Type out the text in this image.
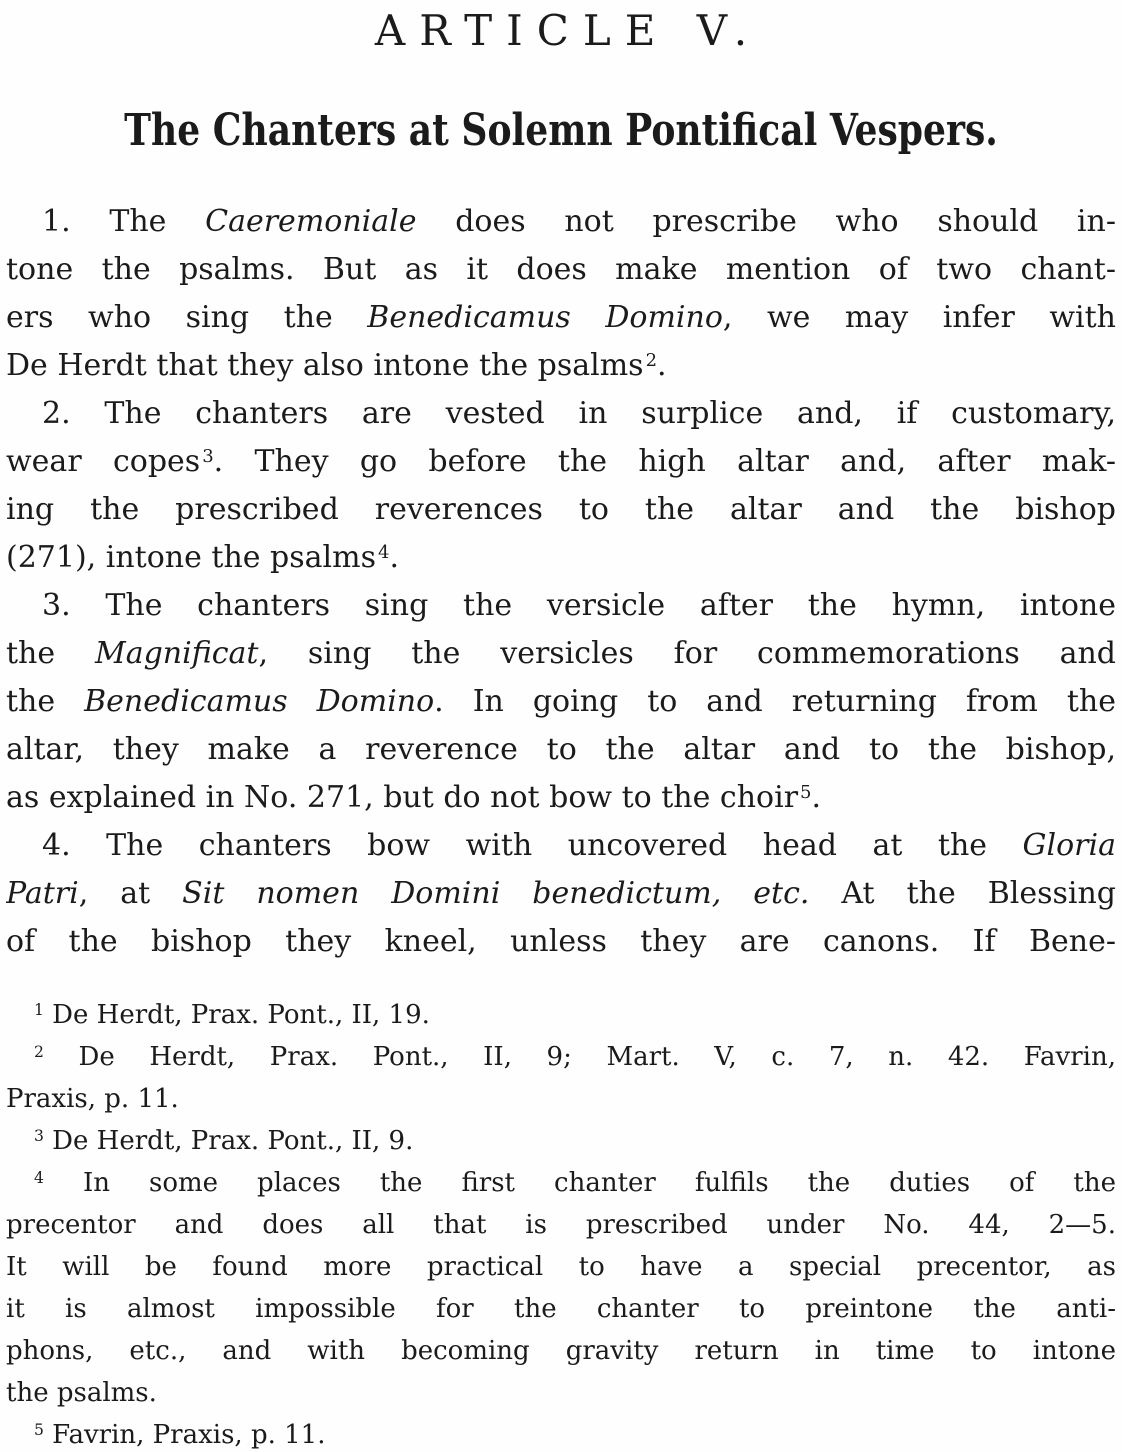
ARTICLE V.
The Chanters at Solemn Pontifical Vespers.
1. The Caeremoniale does not prescribe who should in-
tone the psalms. But as it does make mention of two chant-
ers who sing the Benedicamus Domino, we may infer with
De Herdt that they also intone the psalms $^2$.
2. The chanters are vested in surplice and, if customary,
wear copes $^3$. They go before the high altar and, after mak-
ing the prescribed reverences to the altar and the bishop
(271), intone the psalms $^4$.
3. The chanters sing the versicle after the hymn, intone
the Magnificat, sing the versicles for commemorations and
the Benedicamus Domino. In going to and returning from the
altar, they make a reverence to the altar and to the bishop,
as explained in No. 271, but do not bow to the choir $^5$.
4. The chanters bow with uncovered head at the Gloria
Patri, at Sit nomen Domini benedictum, etc. At the Blessing
of the bishop they kneel, unless they are canons. If Bene-
$^1$ De Herdt, Prax. Pont., II, 19.
$^2$ De Herdt, Prax. Pont., II, 9; Mart. V, c. 7, n. 42. Favrin,
Praxis, p. 11.
$^3$ De Herdt, Prax. Pont., II, 9.
$^4$ In some places the first chanter fulfils the duties of the
precentor and does all that is prescribed under No. 44, 2—5.
It will be found more practical to have a special precentor, as
it is almost impossible for the chanter to preintone the anti-
phons, etc., and with becoming gravity return in time to intone
the psalms.
$^5$ Favrin, Praxis, p. 11.
